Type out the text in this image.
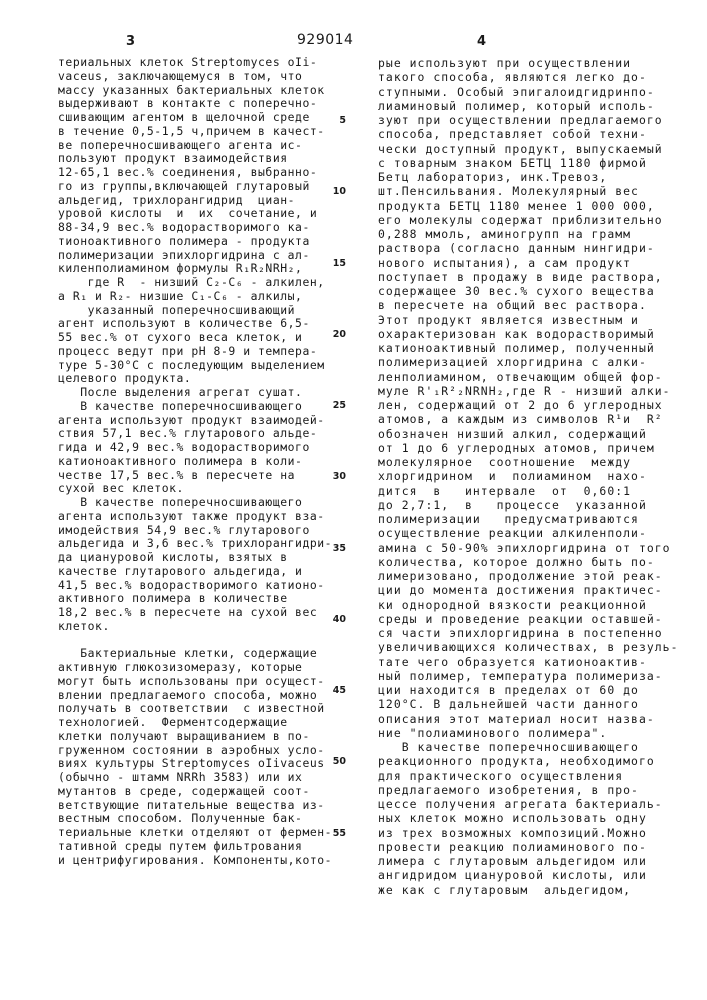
3	929014	4
териальных клеток Streptomyces oIi-
vaceus, заключающемуся в том, что
массу указанных бактериальных клеток
выдерживают в контакте с поперечно-
сшивающим агентом в щелочной среде
в течение 0,5-1,5 ч,причем в качест-
ве поперечносшивающего агента ис-
пользуют продукт взаимодействия
12-65,1 вес.% соединения, выбранно-
го из группы,включающей глутаровый
альдегид, трихлорангидрид  циан-
уровой кислоты  и  их  сочетание, и
88-34,9 вес.% водорастворимого ка-
тионоактивного полимера - продукта
полимеризации эпихлоргидрина с ал-
киленполиамином формулы R₁R₂NRH₂,
где R  - низший C₂-C₆ - алкилен,
а R₁ и R₂- низшие C₁-C₆ - алкилы,
указанный поперечносшивающий
агент используют в количестве 6,5-
55 вес.% от сухого веса клеток, и
процесс ведут при pH 8-9 и темпера-
туре 5-30°C с последующим выделением
целевого продукта.
После выделения агрегат сушат.
В качестве поперечносшивающего
агента используют продукт взаимодей-
ствия 57,1 вес.% глутарового альде-
гида и 42,9 вес.% водорастворимого
катионоактивного полимера в коли-
честве 17,5 вес.% в пересчете на
сухой вес клеток.
В качестве поперечносшивающего
агента используют также продукт вза-
имодействия 54,9 вес.% глутарового
альдегида и 3,6 вес.% трихлорангидри-
да циануровой кислоты, взятых в
качестве глутарового альдегида, и
41,5 вес.% водорастворимого катионо-
активного полимера в количестве
18,2 вес.% в пересчете на сухой вес
клеток.
Бактериальные клетки, содержащие
активную глюкозизомеразу, которые
могут быть использованы при осущест-
влении предлагаемого способа, можно
получать в соответствии  с известной
технологией.  Ферментсодержащие
клетки получают выращиванием в по-
груженном состоянии в аэробных усло-
виях культуры Streptomyces oIivaceus
(обычно - штамм NRRh 3583) или их
мутантов в среде, содержащей соот-
ветствующие питательные вещества из-
вестным способом. Полученные бак-
териальные клетки отделяют от фермен-
тативной среды путем фильтрования
и центрифугирования. Компоненты,кото-
рые используют при осуществлении
такого способа, являются легко до-
ступными. Особый эпигалоидгидринпо-
лиаминовый полимер, который исполь-
зуют при осуществлении предлагаемого
способа, представляет собой техни-
чески доступный продукт, выпускаемый
с товарным знаком БЕТЦ 1180 фирмой
Бетц лабораториз, инк.Тревоз,
шт.Пенсильвания. Молекулярный вес
продукта БЕТЦ 1180 менее 1 000 000,
его молекулы содержат приблизительно
0,288 ммоль, аминогрупп на грамм
раствора (согласно данным нингидри-
нового испытания), а сам продукт
поступает в продажу в виде раствора,
содержащее 30 вес.% сухого вещества
в пересчете на общий вес раствора.
Этот продукт является известным и
охарактеризован как водорастворимый
катионоактивный полимер, полученный
полимеризацией хлоргидрина с алки-
ленполиамином, отвечающим общей фор-
муле R'₁R²₂NRNH₂,где R - низший алки-
лен, содержащий от 2 до 6 углеродных
атомов, а каждым из символов R¹и  R²
обозначен низший алкил, содержащий
от 1 до 6 углеродных атомов, причем
молекулярное  соотношение  между
хлоргидрином  и  полиамином  нахо-
дится  в   интервале  от  0,60:1
до 2,7:1,  в   процессе  указанной
полимеризации   предусматриваются
осуществление реакции алкиленполи-
амина с 50-90% эпихлоргидрина от того
количества, которое должно быть по-
лимеризовано, продолжение этой реак-
ции до момента достижения практичес-
ки однородной вязкости реакционной
среды и проведение реакции оставшей-
ся части эпихлоргидрина в постепенно
увеличивающихся количествах, в резуль-
тате чего образуется катионоактив-
ный полимер, температура полимериза-
ции находится в пределах от 60 до
120°C. В дальнейшей части данного
описания этот материал носит назва-
ние "полиаминового полимера".
В качестве поперечносшивающего
реакционного продукта, необходимого
для практического осуществления
предлагаемого изобретения, в про-
цессе получения агрегата бактериаль-
ных клеток можно использовать одну
из трех возможных композиций.Можно
провести реакцию полиаминового по-
лимера с глутаровым альдегидом или
ангидридом циануровой кислоты, или
же как с глутаровым  альдегидом,
5
10
15
20
25
30
35
40
45
50
55
